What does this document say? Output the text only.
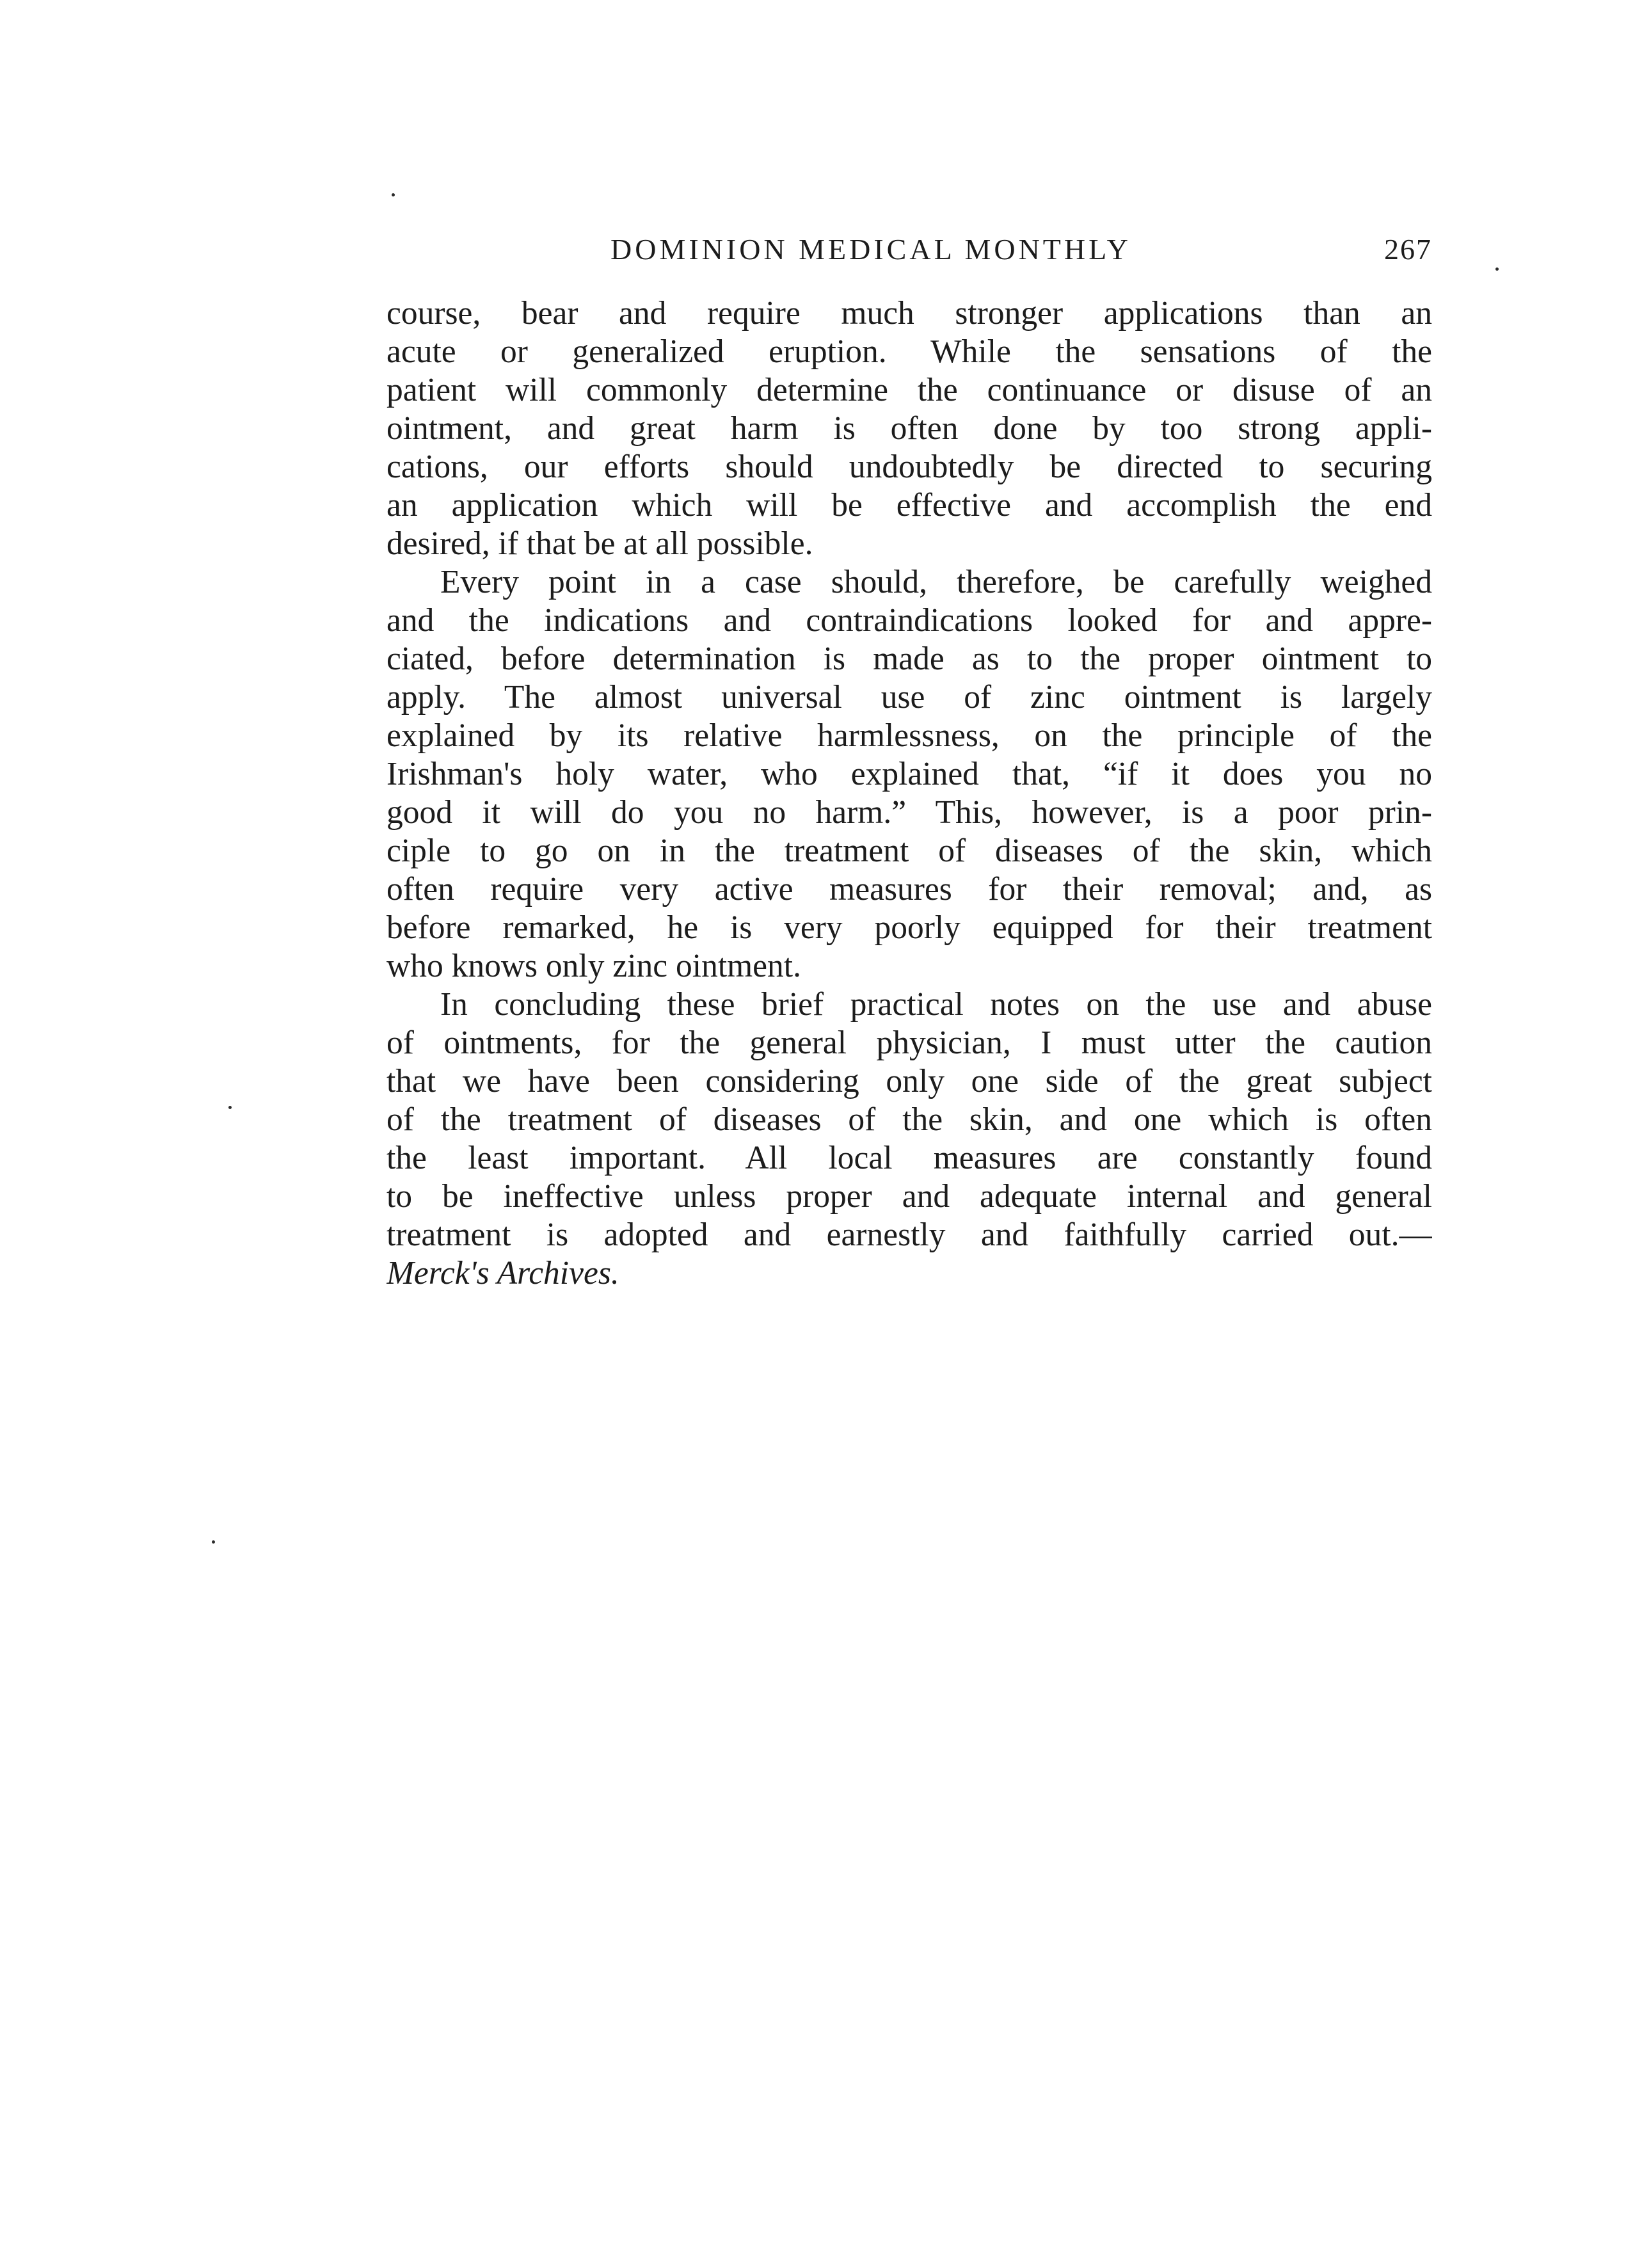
DOMINION MEDICAL MONTHLY	267
course, bear and require much stronger applications than an
acute or generalized eruption. While the sensations of the
patient will commonly determine the continuance or disuse of an
ointment, and great harm is often done by too strong appli-
cations, our efforts should undoubtedly be directed to securing
an application which will be effective and accomplish the end
desired, if that be at all possible.
Every point in a case should, therefore, be carefully weighed
and the indications and contraindications looked for and appre-
ciated, before determination is made as to the proper ointment to
apply. The almost universal use of zinc ointment is largely
explained by its relative harmlessness, on the principle of the
Irishman's holy water, who explained that, “if it does you no
good it will do you no harm.” This, however, is a poor prin-
ciple to go on in the treatment of diseases of the skin, which
often require very active measures for their removal; and, as
before remarked, he is very poorly equipped for their treatment
who knows only zinc ointment.
In concluding these brief practical notes on the use and abuse
of ointments, for the general physician, I must utter the caution
that we have been considering only one side of the great subject
of the treatment of diseases of the skin, and one which is often
the least important. All local measures are constantly found
to be ineffective unless proper and adequate internal and general
treatment is adopted and earnestly and faithfully carried out.—
Merck's Archives.
